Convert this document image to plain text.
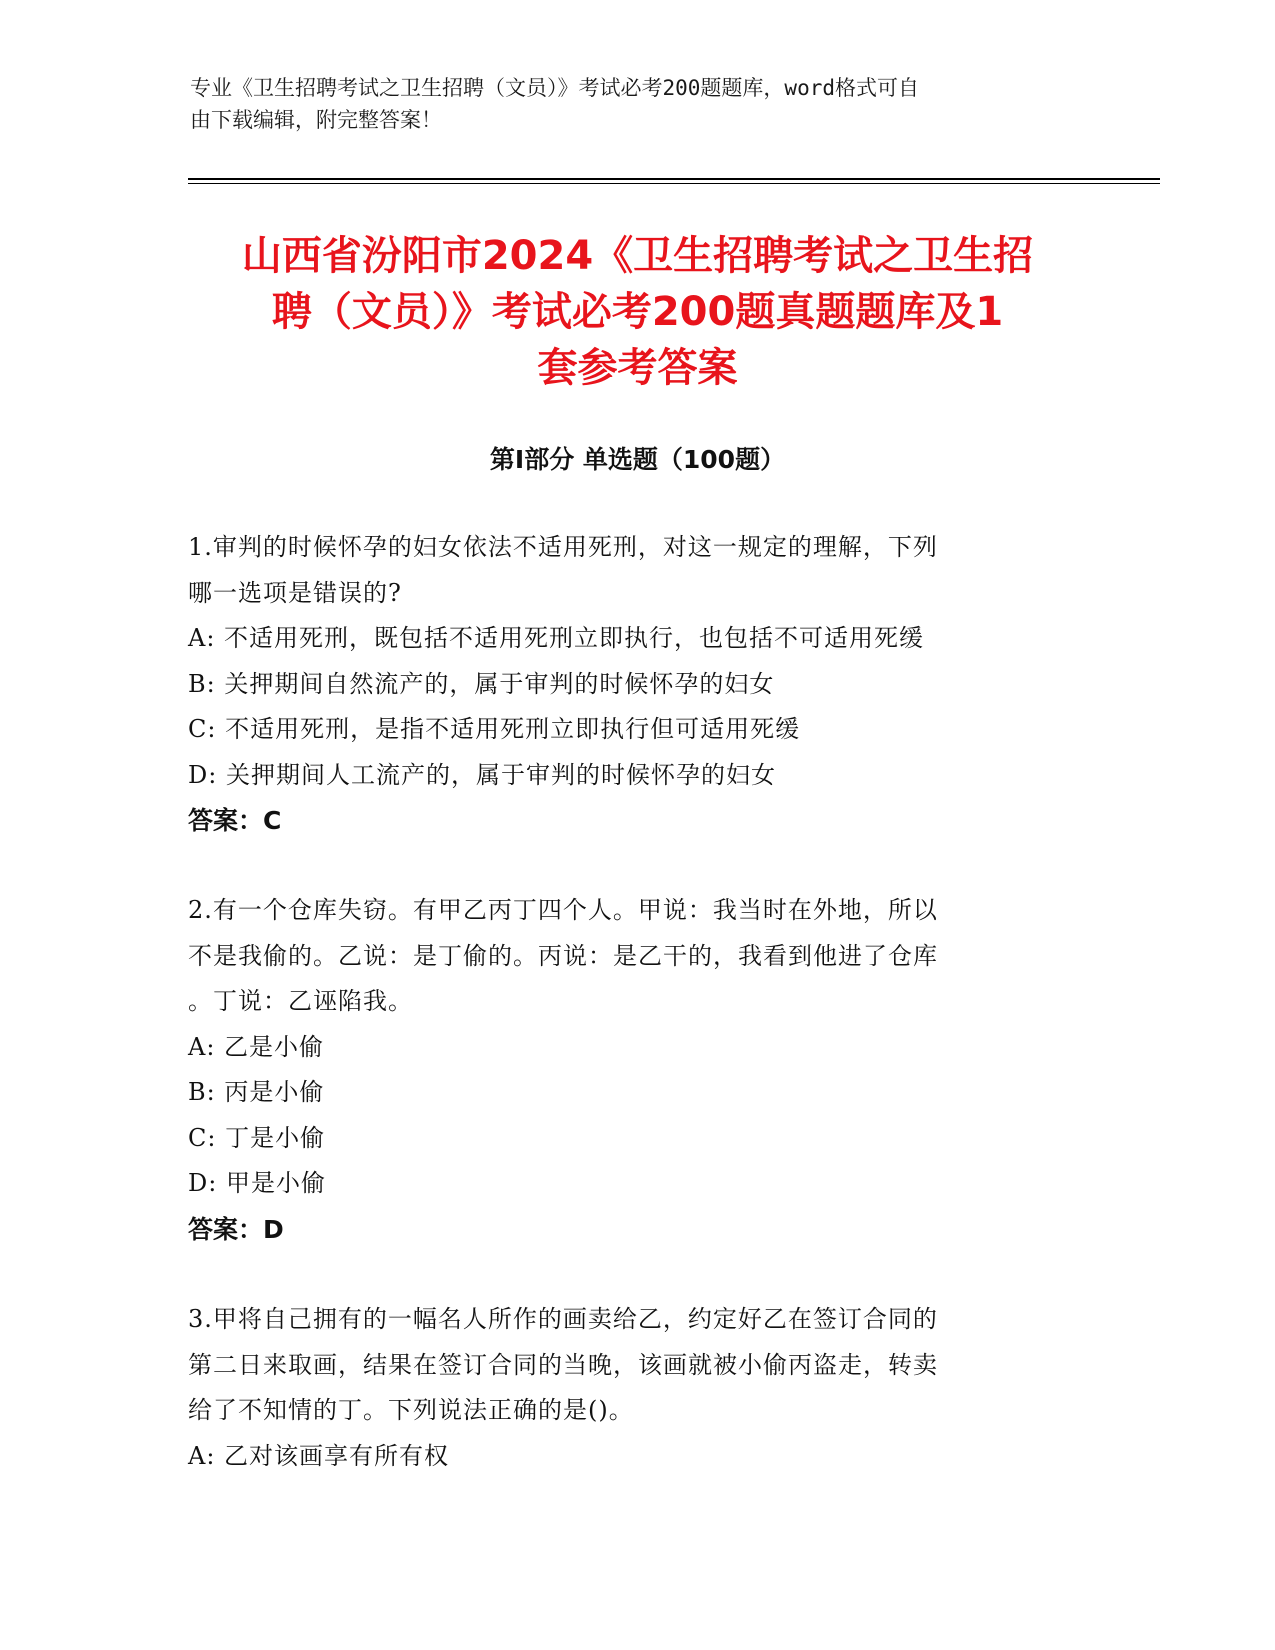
专业《卫生招聘考试之卫生招聘（文员）》考试必考200题题库，word格式可自
由下载编辑，附完整答案！
山西省汾阳市2024《卫生招聘考试之卫生招
聘（文员）》考试必考200题真题题库及1
套参考答案
第Ⅰ部分 单选题（100题）

1.审判的时候怀孕的妇女依法不适用死刑，对这一规定的理解，下列

哪一选项是错误的?

A: 不适用死刑，既包括不适用死刑立即执行，也包括不可适用死缓

B: 关押期间自然流产的，属于审判的时候怀孕的妇女

C: 不适用死刑，是指不适用死刑立即执行但可适用死缓

D: 关押期间人工流产的，属于审判的时候怀孕的妇女

答案：C

2.有一个仓库失窃。有甲乙丙丁四个人。甲说：我当时在外地，所以

不是我偷的。乙说：是丁偷的。丙说：是乙干的，我看到他进了仓库

。丁说：乙诬陷我。

A: 乙是小偷

B: 丙是小偷

C: 丁是小偷

D: 甲是小偷

答案：D

3.甲将自己拥有的一幅名人所作的画卖给乙，约定好乙在签订合同的

第二日来取画，结果在签订合同的当晚，该画就被小偷丙盗走，转卖

给了不知情的丁。下列说法正确的是()。

A: 乙对该画享有所有权
